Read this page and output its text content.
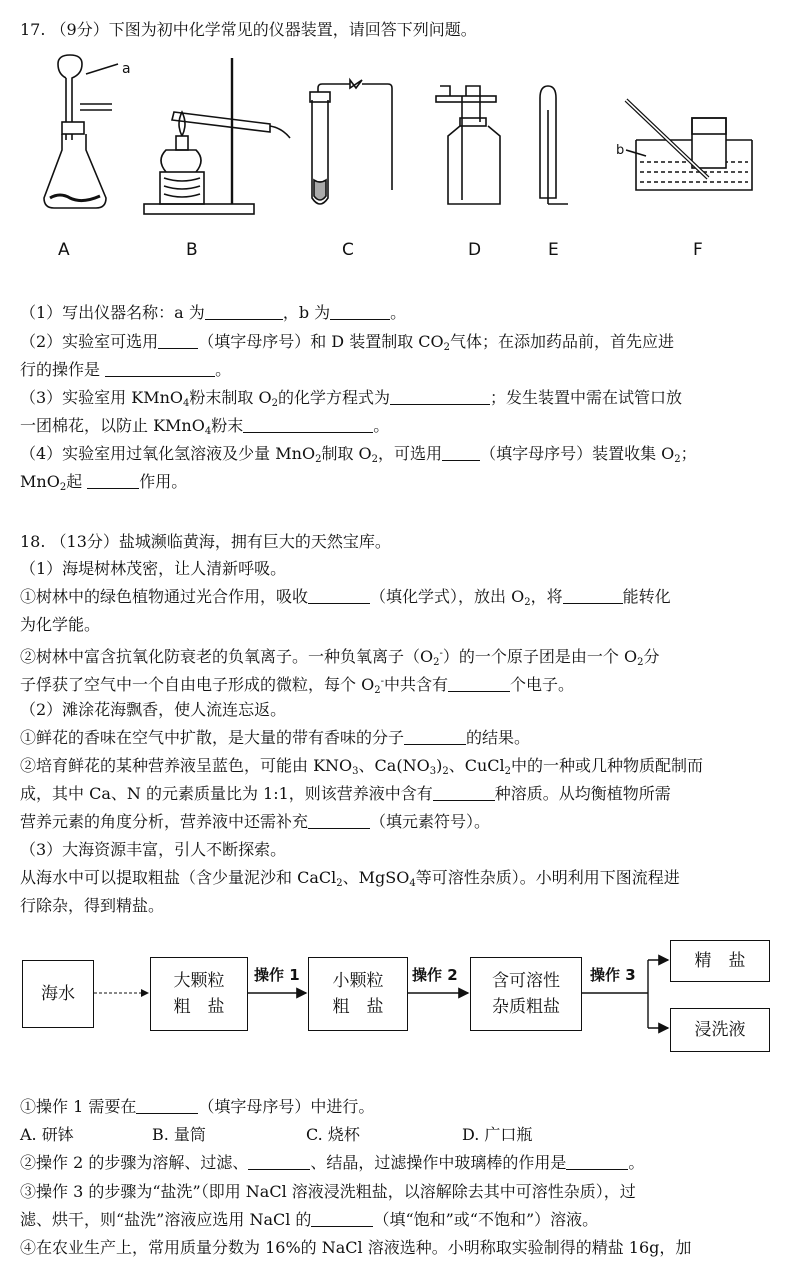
17. （9分）下图为初中化学常见的仪器装置，请回答下列问题。
a
b
A	B	C	D	E	F
（1）写出仪器名称：a 为	，b 为	。
（2）实验室可选用	（填字母序号）和 D 装置制取 $CO_2$气体；在添加药品前，首先应进
行的操作是	。
（3）实验室用 KMnO$_4$粉末制取 $O_2$的化学方程式为	；发生装置中需在试管口放
一团棉花，以防止 KMnO$_4$粉末	。
（4）实验室用过氧化氢溶液及少量 MnO$_2$制取 $O_2$，可选用 （填字母序号）装置收集 $O_2$；
MnO$_2$起	作用。
18. （13分）盐城濒临黄海，拥有巨大的天然宝库。
（1）海堤树林茂密，让人清新呼吸。
①树林中的绿色植物通过光合作用，吸收	（填化学式），放出 $O_2$，将	能转化
为化学能。
②树林中富含抗氧化防衰老的负氧离子。一种负氧离子$(O_2^-)$的一个原子团是由一个 $O_2$分
子俘获了空气中一个自由电子形成的微粒，每个 $O_2^-$中共含有	个电子。
（2）滩涂花海飘香，使人流连忘返。
①鲜花的香味在空气中扩散，是大量的带有香味的分子	的结果。
②培育鲜花的某种营养液呈蓝色，可能由 $KNO_3$、$Ca(NO_3)_2$、CuCl$_2$中的一种或几种物质配制而
成，其中 Ca、N 的元素质量比为 1:1，则该营养液中含有	种溶质。从均衡植物所需
营养元素的角度分析，营养液中还需补充	（填元素符号）。
（3）大海资源丰富，引人不断探索。
从海水中可以提取粗盐（含少量泥沙和 CaCl$_2$、MgSO$_4$等可溶性杂质）。小明利用下图流程进
行除杂，得到精盐。
海水
大颗粒
粗　盐
小颗粒
粗　盐
含可溶性
杂质粗盐
精　盐
浸洗液
操作 1	操作 2	操作 3
①操作 1 需要在	（填字母序号）中进行。
A. 研钵	B. 量筒	C. 烧杯	D. 广口瓶
②操作 2 的步骤为溶解、过滤、	、结晶，过滤操作中玻璃棒的作用是	。
③操作 3 的步骤为“盐洗”（即用 NaCl 溶液浸洗粗盐，以溶解除去其中可溶性杂质），过
滤、烘干，则“盐洗”溶液应选用 NaCl 的	（填“饱和”或“不饱和”）溶液。
④在农业生产上，常用质量分数为 16%的 NaCl 溶液选种。小明称取实验制得的精盐 16g，加
